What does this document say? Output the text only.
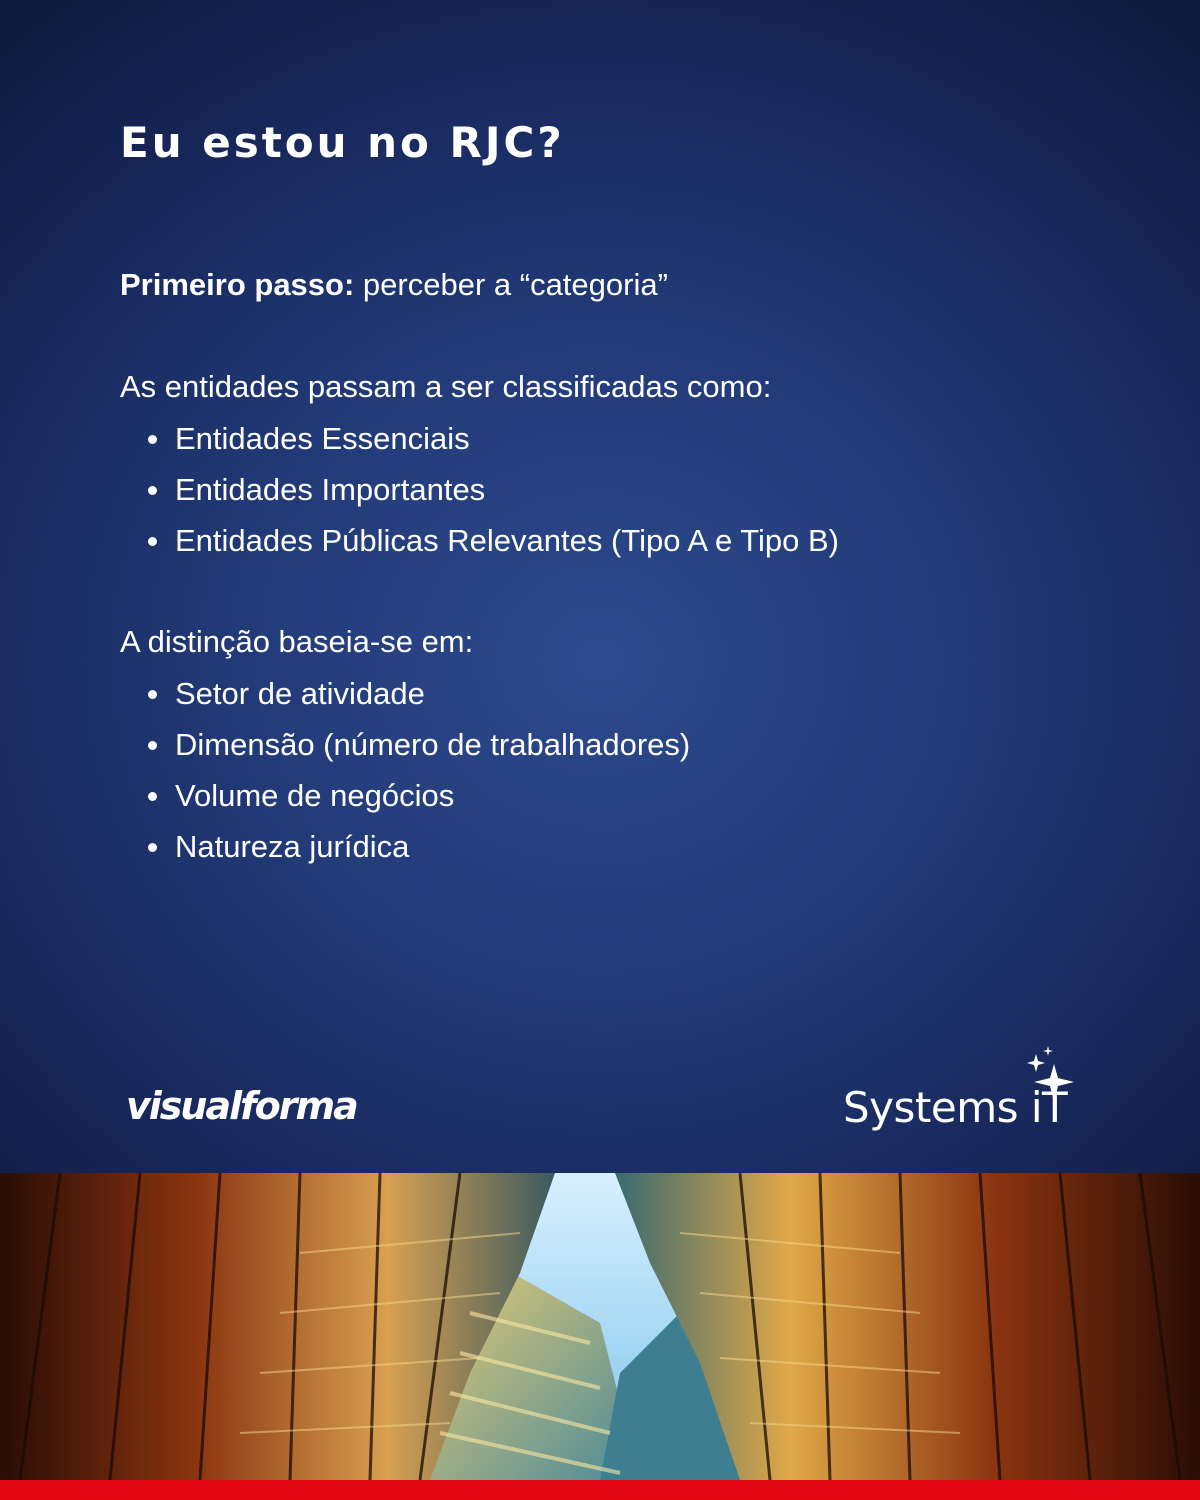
Eu estou no RJC?
Primeiro passo: perceber a “categoria”
As entidades passam a ser classificadas como:
Entidades Essenciais
Entidades Importantes
Entidades Públicas Relevantes (Tipo A e Tipo B)
A distinção baseia-se em:
Setor de atividade
Dimensão (número de trabalhadores)
Volume de negócios
Natureza jurídica
visualforma	Systems iT
